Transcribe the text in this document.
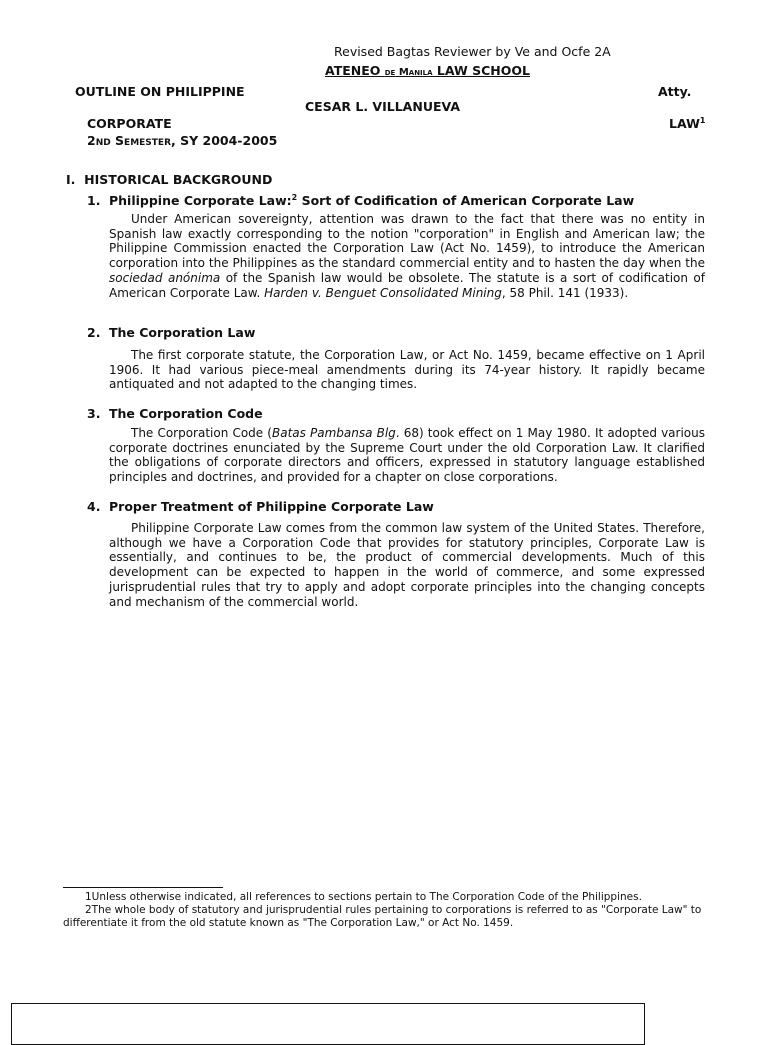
Revised Bagtas Reviewer by Ve and Ocfe 2A
ATENEO de Manila LAW SCHOOL
OUTLINE ON PHILIPPINE	Atty.
CESAR L. VILLANUEVA
CORPORATE	LAW$^1$
2nd Semester, SY 2004-2005
I. HISTORICAL BACKGROUND
1. Philippine Corporate Law:$^2$ Sort of Codification of American Corporate Law

Under American sovereignty, attention was drawn to the fact that there was no entity in Spanish law exactly corresponding to the notion "corporation" in English and American law; the Philippine Commission enacted the Corporation Law (Act No. 1459), to introduce the American corporation into the Philippines as the standard commercial entity and to hasten the day when the sociedad anónima of the Spanish law would be obsolete. The statute is a sort of codification of American Corporate Law. Harden v. Benguet Consolidated Mining, 58 Phil. 141 (1933).

2. The Corporation Law

The first corporate statute, the Corporation Law, or Act No. 1459, became effective on 1 April 1906. It had various piece-meal amendments during its 74-year history. It rapidly became antiquated and not adapted to the changing times.

3. The Corporation Code

The Corporation Code (Batas Pambansa Blg. 68) took effect on 1 May 1980. It adopted various corporate doctrines enunciated by the Supreme Court under the old Corporation Law. It clarified the obligations of corporate directors and officers, expressed in statutory language established principles and doctrines, and provided for a chapter on close corporations.

4. Proper Treatment of Philippine Corporate Law

Philippine Corporate Law comes from the common law system of the United States. Therefore, although we have a Corporation Code that provides for statutory principles, Corporate Law is essentially, and continues to be, the product of commercial developments. Much of this development can be expected to happen in the world of commerce, and some expressed jurisprudential rules that try to apply and adopt corporate principles into the changing concepts and mechanism of the commercial world.

1Unless otherwise indicated, all references to sections pertain to The Corporation Code of the Philippines.

2The whole body of statutory and jurisprudential rules pertaining to corporations is referred to as "Corporate Law" to differentiate it from the old statute known as "The Corporation Law," or Act No. 1459.
